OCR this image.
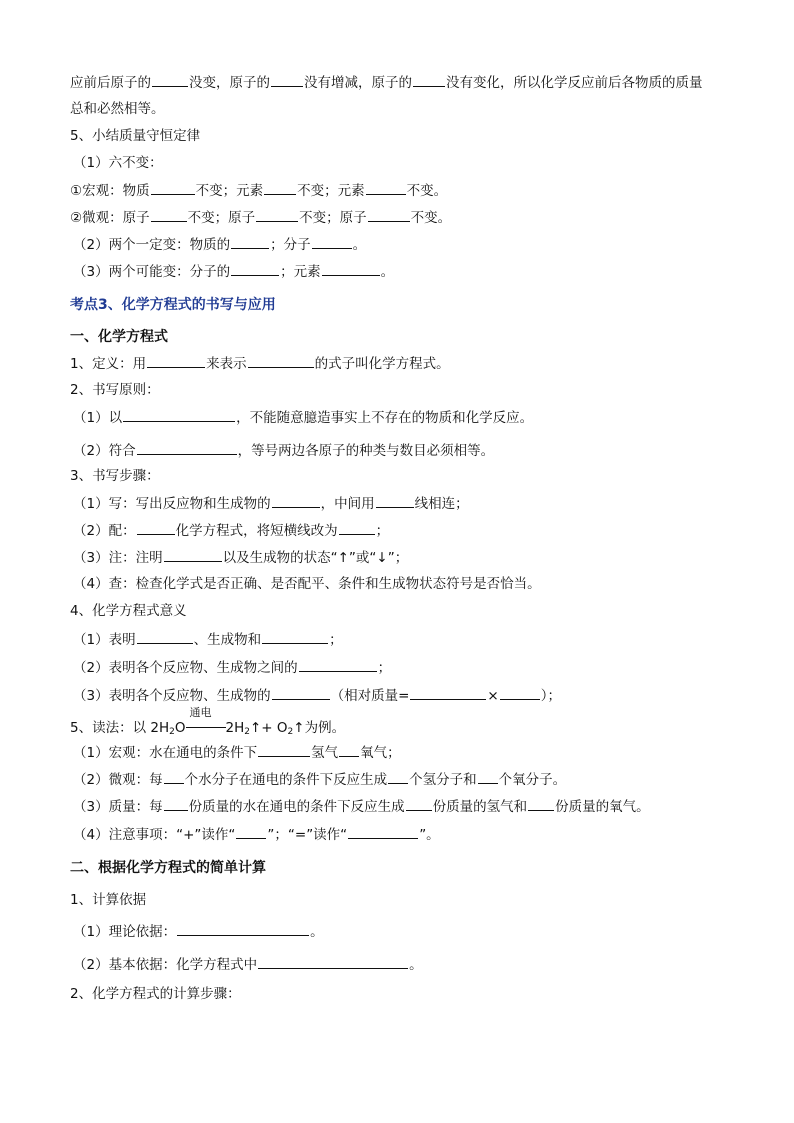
应前后原子的	没变，原子的	没有增减，原子的	没有变化，所以化学反应前后各物质的质量
总和必然相等。
5、小结质量守恒定律
（1）六不变：
①宏观：物质	不变；元素	不变；元素	不变。
②微观：原子	不变；原子	不变；原子	不变。
（2）两个一定变：物质的	；分子	。
（3）两个可能变：分子的	；元素	。
考点3、化学方程式的书写与应用
一、化学方程式
1、定义：用	来表示	的式子叫化学方程式。
2、书写原则：
（1）以	，不能随意臆造事实上不存在的物质和化学反应。
（2）符合	，等号两边各原子的种类与数目必须相等。
3、书写步骤：
（1）写：写出反应物和生成物的	，中间用	线相连；
（2）配：	化学方程式，将短横线改为	；
（3）注：注明	以及生成物的状态“↑”或“↓”；
（4）查：检查化学式是否正确、是否配平、条件和生成物状态符号是否恰当。
4、化学方程式意义
（1）表明	、生成物和	；
（2）表明各个反应物、生成物之间的	；
（3）表明各个反应物、生成物的	（相对质量=	×	）；
5、读法：以 $2H_2O$
通电
$2H_2↑+$ $O_2↑$为例。
（1）宏观：水在通电的条件下	氢气 氧气；
（2）微观：每 个水分子在通电的条件下反应生成 个氢分子和 个氧分子。
（3）质量：每 份质量的水在通电的条件下反应生成 份质量的氢气和 份质量的氧气。
（4）注意事项：“+”读作“ ”；“=”读作“	”。
二、根据化学方程式的简单计算
1、计算依据
（1）理论依据：	。
（2）基本依据：化学方程式中	。
2、化学方程式的计算步骤：
